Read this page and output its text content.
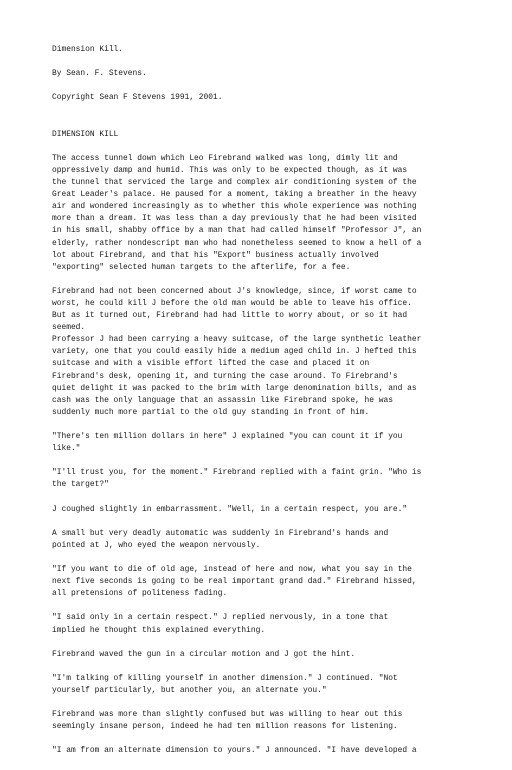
Dimension Kill.
By Sean. F. Stevens.
Copyright Sean F Stevens 1991, 2001.
DIMENSION KILL
The access tunnel down which Leo Firebrand walked was long, dimly lit and
oppressively damp and humid. This was only to be expected though, as it was
the tunnel that serviced the large and complex air conditioning system of the
Great Leader's palace. He paused for a moment, taking a breather in the heavy
air and wondered increasingly as to whether this whole experience was nothing
more than a dream. It was less than a day previously that he had been visited
in his small, shabby office by a man that had called himself "Professor J", an
elderly, rather nondescript man who had nonetheless seemed to know a hell of a
lot about Firebrand, and that his "Export" business actually involved
"exporting" selected human targets to the afterlife, for a fee.
Firebrand had not been concerned about J's knowledge, since, if worst came to
worst, he could kill J before the old man would be able to leave his office.
But as it turned out, Firebrand had had little to worry about, or so it had
seemed.
Professor J had been carrying a heavy suitcase, of the large synthetic leather
variety, one that you could easily hide a medium aged child in. J hefted this
suitcase and with a visible effort lifted the case and placed it on
Firebrand's desk, opening it, and turning the case around. To Firebrand's
quiet delight it was packed to the brim with large denomination bills, and as
cash was the only language that an assassin like Firebrand spoke, he was
suddenly much more partial to the old guy standing in front of him.
"There's ten million dollars in here" J explained "you can count it if you
like."
"I'll trust you, for the moment." Firebrand replied with a faint grin. "Who is
the target?"
J coughed slightly in embarrassment. "Well, in a certain respect, you are."
A small but very deadly automatic was suddenly in Firebrand's hands and
pointed at J, who eyed the weapon nervously.
"If you want to die of old age, instead of here and now, what you say in the
next five seconds is going to be real important grand dad." Firebrand hissed,
all pretensions of politeness fading.
"I said only in a certain respect." J replied nervously, in a tone that
implied he thought this explained everything.
Firebrand waved the gun in a circular motion and J got the hint.
"I'm talking of killing yourself in another dimension." J continued. "Not
yourself particularly, but another you, an alternate you."
Firebrand was more than slightly confused but was willing to hear out this
seemingly insane person, indeed he had ten million reasons for listening.
"I am from an alternate dimension to yours." J announced. "I have developed a
